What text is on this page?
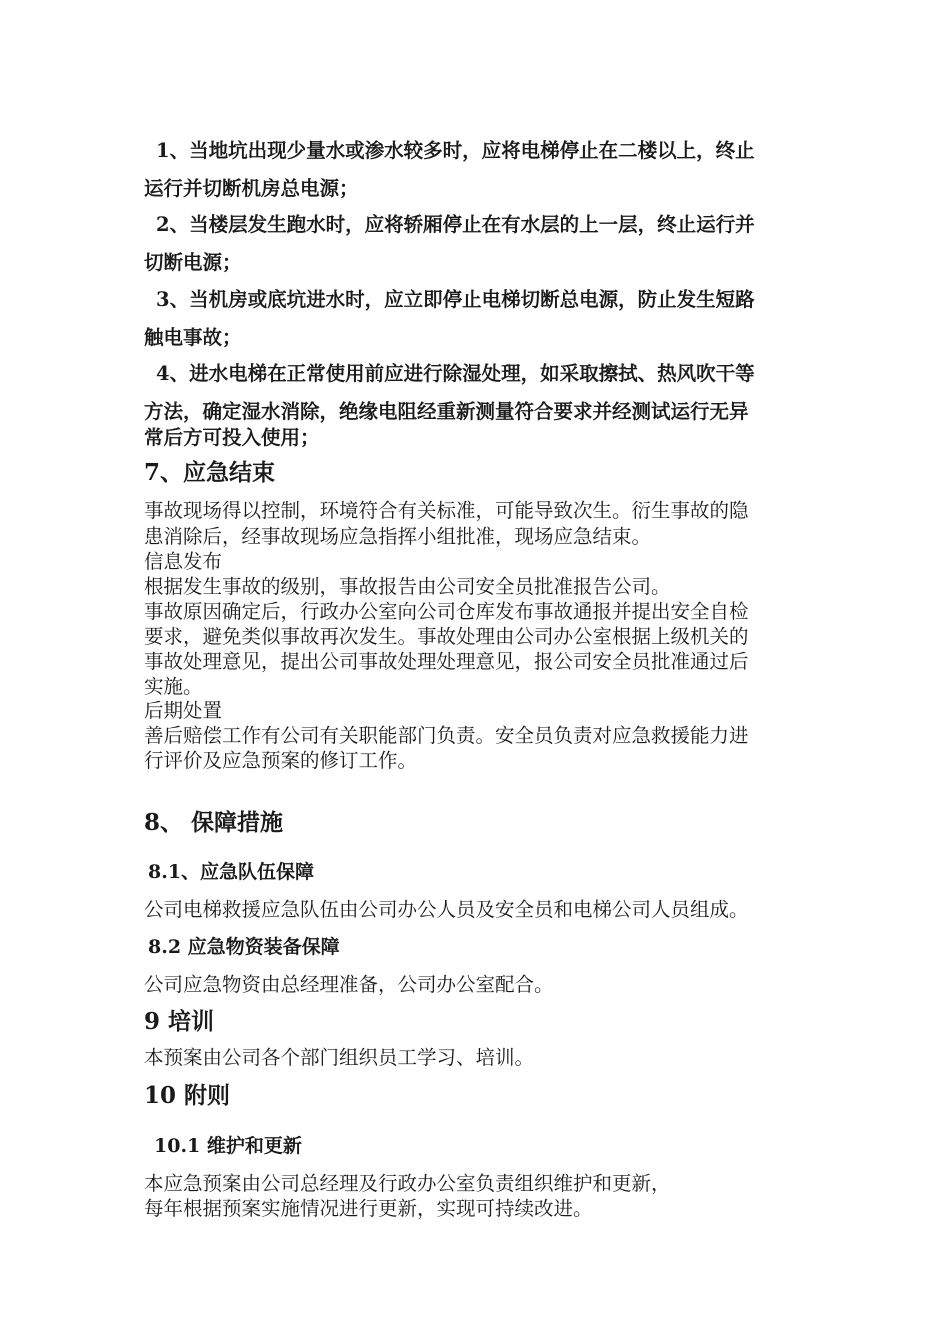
1、当地坑出现少量水或渗水较多时，应将电梯停止在二楼以上，终止
运行并切断机房总电源；
2、当楼层发生跑水时，应将轿厢停止在有水层的上一层，终止运行并
切断电源；
3、当机房或底坑进水时，应立即停止电梯切断总电源，防止发生短路
触电事故；
4、进水电梯在正常使用前应进行除湿处理，如采取擦拭、热风吹干等
方法，确定湿水消除，绝缘电阻经重新测量符合要求并经测试运行无异
常后方可投入使用；
7、应急结束
事故现场得以控制，环境符合有关标准，可能导致次生。衍生事故的隐
患消除后，经事故现场应急指挥小组批准，现场应急结束。
信息发布
根据发生事故的级别，事故报告由公司安全员批准报告公司。
事故原因确定后，行政办公室向公司仓库发布事故通报并提出安全自检
要求，避免类似事故再次发生。事故处理由公司办公室根据上级机关的
事故处理意见，提出公司事故处理处理意见，报公司安全员批准通过后
实施。
后期处置
善后赔偿工作有公司有关职能部门负责。安全员负责对应急救援能力进
行评价及应急预案的修订工作。
8、 保障措施
8.1、应急队伍保障
公司电梯救援应急队伍由公司办公人员及安全员和电梯公司人员组成。
8.2 应急物资装备保障
公司应急物资由总经理准备，公司办公室配合。
9 培训
本预案由公司各个部门组织员工学习、培训。
10 附则
10.1 维护和更新
本应急预案由公司总经理及行政办公室负责组织维护和更新，
每年根据预案实施情况进行更新，实现可持续改进。
